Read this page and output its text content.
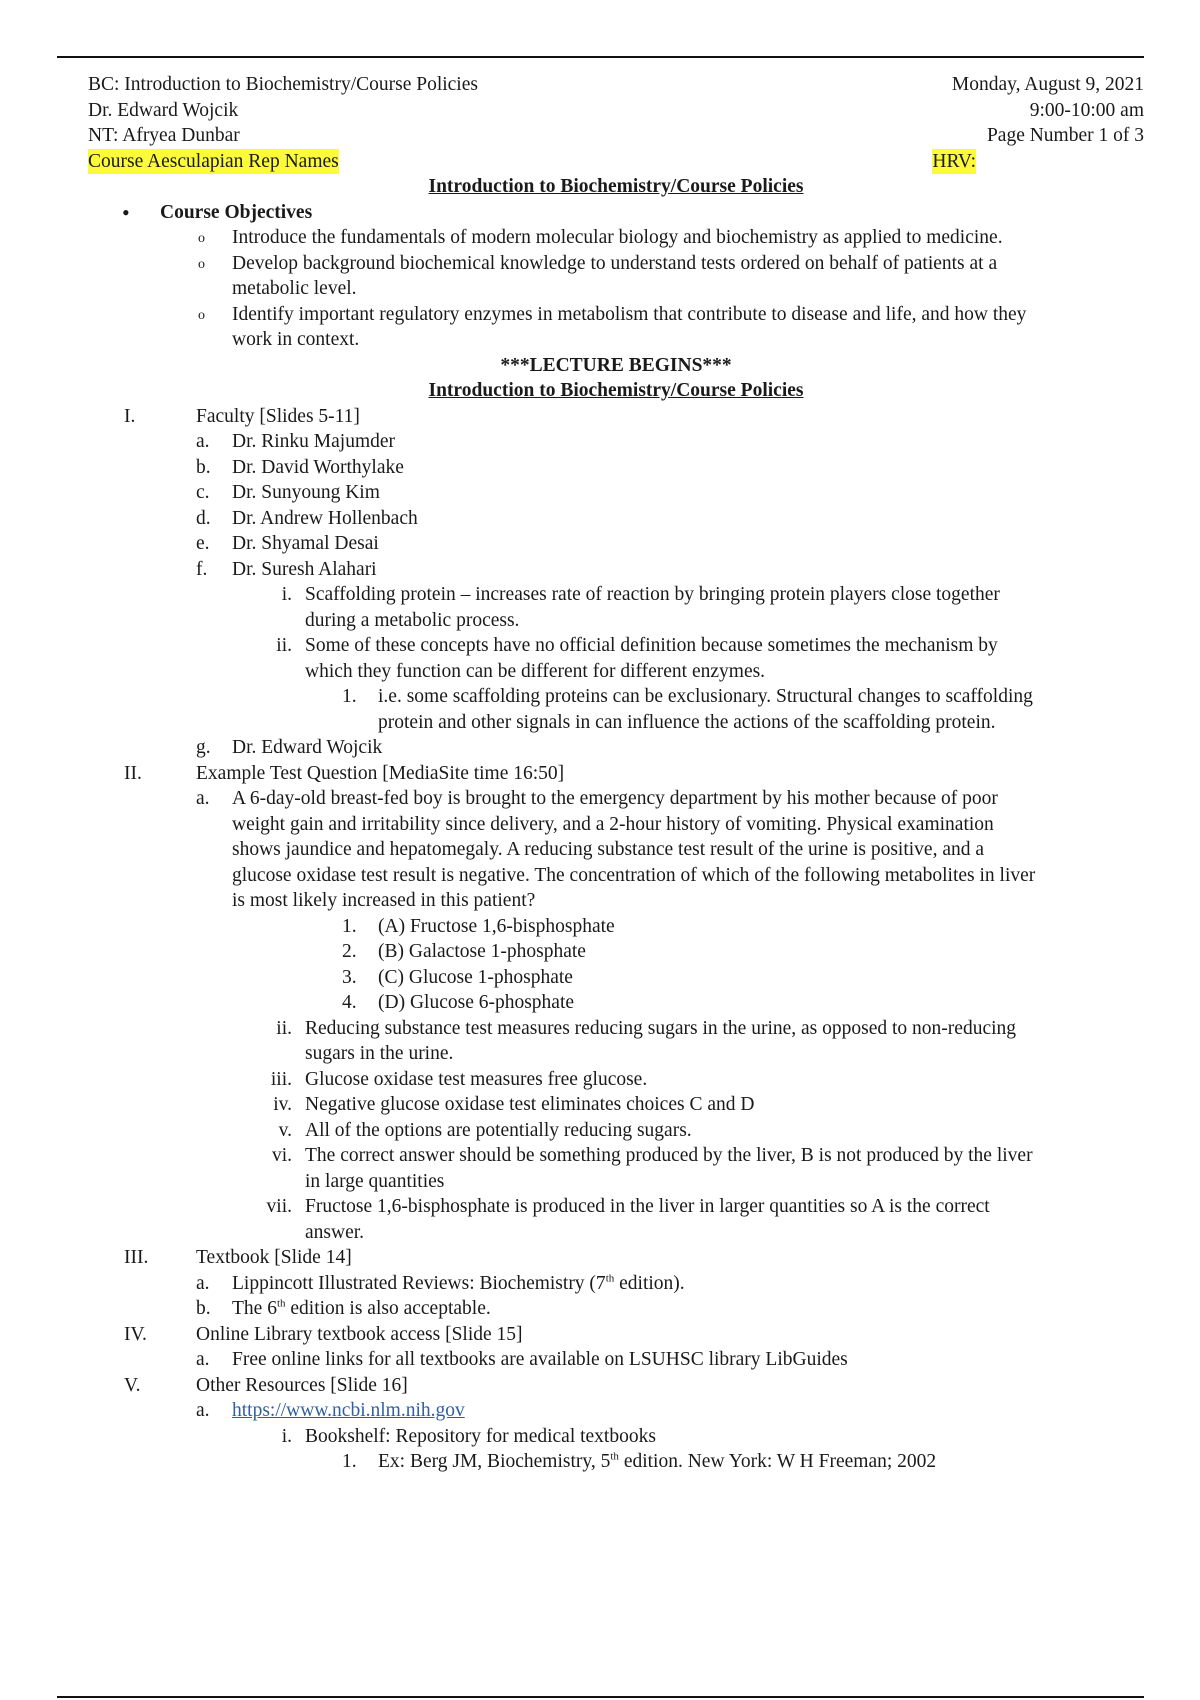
BC: Introduction to Biochemistry/Course Policies	Monday, August 9, 2021
Dr. Edward Wojcik	9:00-10:00 am
NT: Afryea Dunbar	Page Number 1 of 3
Course Aesculapian Rep Names	HRV:
Introduction to Biochemistry/Course Policies
• Course Objectives
o Introduce the fundamentals of modern molecular biology and biochemistry as applied to medicine.
o Develop background biochemical knowledge to understand tests ordered on behalf of patients at a
metabolic level.
o Identify important regulatory enzymes in metabolism that contribute to disease and life, and how they
work in context.
***LECTURE BEGINS***
Introduction to Biochemistry/Course Policies
I.	Faculty [Slides 5-11]
a. Dr. Rinku Majumder
b. Dr. David Worthylake
c. Dr. Sunyoung Kim
d. Dr. Andrew Hollenbach
e. Dr. Shyamal Desai
f. Dr. Suresh Alahari
i. Scaffolding protein – increases rate of reaction by bringing protein players close together
during a metabolic process.
ii. Some of these concepts have no official definition because sometimes the mechanism by
which they function can be different for different enzymes.
1. i.e. some scaffolding proteins can be exclusionary. Structural changes to scaffolding
protein and other signals in can influence the actions of the scaffolding protein.
g. Dr. Edward Wojcik
II.	Example Test Question [MediaSite time 16:50]
a. A 6-day-old breast-fed boy is brought to the emergency department by his mother because of poor
weight gain and irritability since delivery, and a 2-hour history of vomiting. Physical examination
shows jaundice and hepatomegaly. A reducing substance test result of the urine is positive, and a
glucose oxidase test result is negative. The concentration of which of the following metabolites in liver
is most likely increased in this patient?
1. (A) Fructose 1,6-bisphosphate
2. (B) Galactose 1-phosphate
3. (C) Glucose 1-phosphate
4. (D) Glucose 6-phosphate
ii. Reducing substance test measures reducing sugars in the urine, as opposed to non-reducing
sugars in the urine.
iii. Glucose oxidase test measures free glucose.
iv. Negative glucose oxidase test eliminates choices C and D
v. All of the options are potentially reducing sugars.
vi. The correct answer should be something produced by the liver, B is not produced by the liver
in large quantities
vii. Fructose 1,6-bisphosphate is produced in the liver in larger quantities so A is the correct
answer.
III. Textbook [Slide 14]
a. Lippincott Illustrated Reviews: Biochemistry (7th edition).
b. The 6th edition is also acceptable.
IV.	Online Library textbook access [Slide 15]
a. Free online links for all textbooks are available on LSUHSC library LibGuides
V.	Other Resources [Slide 16]
a. https://www.ncbi.nlm.nih.gov
i. Bookshelf: Repository for medical textbooks
1. Ex: Berg JM, Biochemistry, 5th edition. New York: W H Freeman; 2002
